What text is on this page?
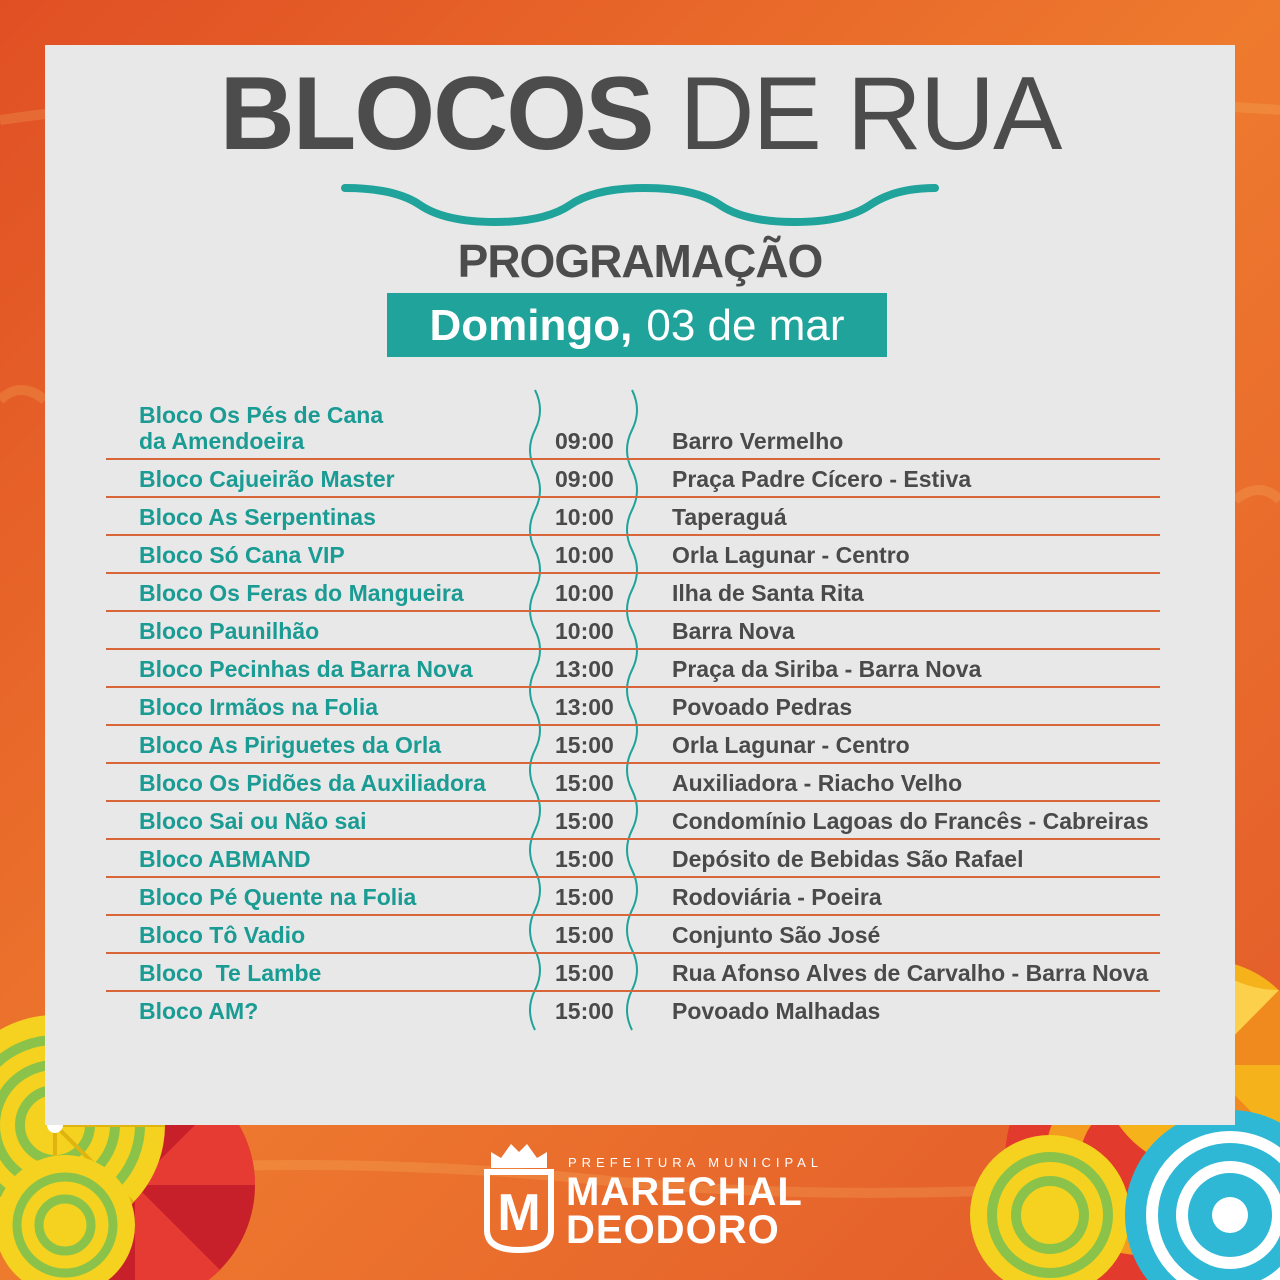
BLOCOS DE RUA
PROGRAMAÇÃO
Domingo, 03 de mar
Bloco Os Pés de Cana
da Amendoeira	09:00	Barro Vermelho
Bloco Cajueirão Master	09:00	Praça Padre Cícero - Estiva
Bloco As Serpentinas	10:00	Taperaguá
Bloco Só Cana VIP	10:00	Orla Lagunar - Centro
Bloco Os Feras do Mangueira	10:00	Ilha de Santa Rita
Bloco Paunilhão	10:00	Barra Nova
Bloco Pecinhas da Barra Nova	13:00	Praça da Siriba - Barra Nova
Bloco Irmãos na Folia	13:00	Povoado Pedras
Bloco As Piriguetes da Orla	15:00	Orla Lagunar - Centro
Bloco Os Pidões da Auxiliadora	15:00	Auxiliadora - Riacho Velho
Bloco Sai ou Não sai	15:00	Condomínio Lagoas do Francês - Cabreiras
Bloco ABMAND	15:00	Depósito de Bebidas São Rafael
Bloco Pé Quente na Folia	15:00	Rodoviária - Poeira
Bloco Tô Vadio	15:00	Conjunto São José
Bloco  Te Lambe	15:00	Rua Afonso Alves de Carvalho - Barra Nova
Bloco AM?	15:00	Povoado Malhadas
M
PREFEITURA MUNICIPAL
MARECHAL
DEODORO
